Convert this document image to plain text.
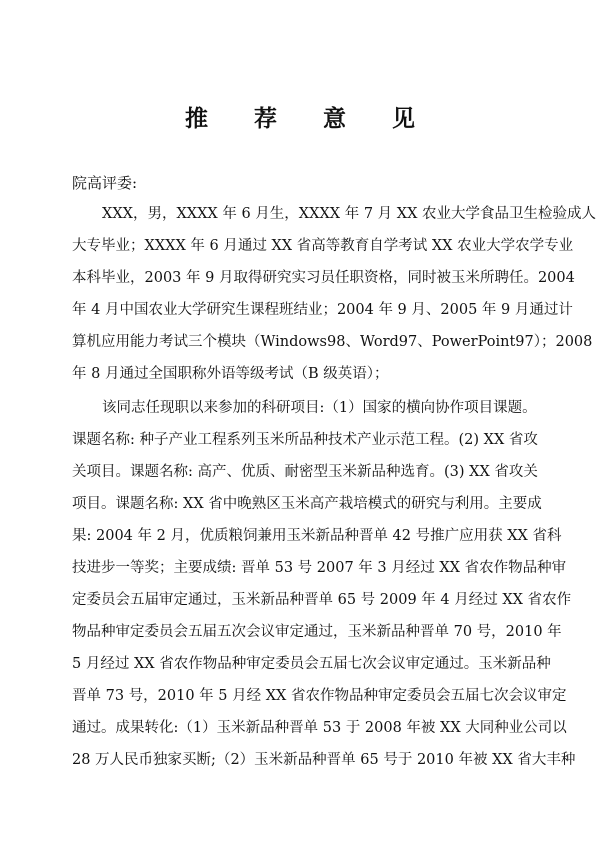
推 荐 意 见
院高评委:
XXX，男，XXXX 年 6 月生，XXXX 年 7 月 XX 农业大学食品卫生检验成人
大专毕业；XXXX 年 6 月通过 XX 省高等教育自学考试 XX 农业大学农学专业
本科毕业，2003 年 9 月取得研究实习员任职资格，同时被玉米所聘任。2004
年 4 月中国农业大学研究生课程班结业；2004 年 9 月、2005 年 9 月通过计
算机应用能力考试三个模块（Windows98、Word97、PowerPoint97）；2008
年 8 月通过全国职称外语等级考试（B 级英语）；
该同志任现职以来参加的科研项目:（1）国家的横向协作项目课题。
课题名称: 种子产业工程系列玉米所品种技术产业示范工程。(2) XX 省攻
关项目。课题名称: 高产、优质、耐密型玉米新品种选育。(3) XX 省攻关
项目。课题名称: XX 省中晚熟区玉米高产栽培模式的研究与利用。主要成
果: 2004 年 2 月，优质粮饲兼用玉米新品种晋单 42 号推广应用获 XX 省科
技进步一等奖；主要成绩: 晋单 53 号 2007 年 3 月经过 XX 省农作物品种审
定委员会五届审定通过，玉米新品种晋单 65 号 2009 年 4 月经过 XX 省农作
物品种审定委员会五届五次会议审定通过，玉米新品种晋单 70 号，2010 年
5 月经过 XX 省农作物品种审定委员会五届七次会议审定通过。玉米新品种
晋单 73 号，2010 年 5 月经 XX 省农作物品种审定委员会五届七次会议审定
通过。成果转化:（1）玉米新品种晋单 53 于 2008 年被 XX 大同种业公司以
28 万人民币独家买断;（2）玉米新品种晋单 65 号于 2010 年被 XX 省大丰种
